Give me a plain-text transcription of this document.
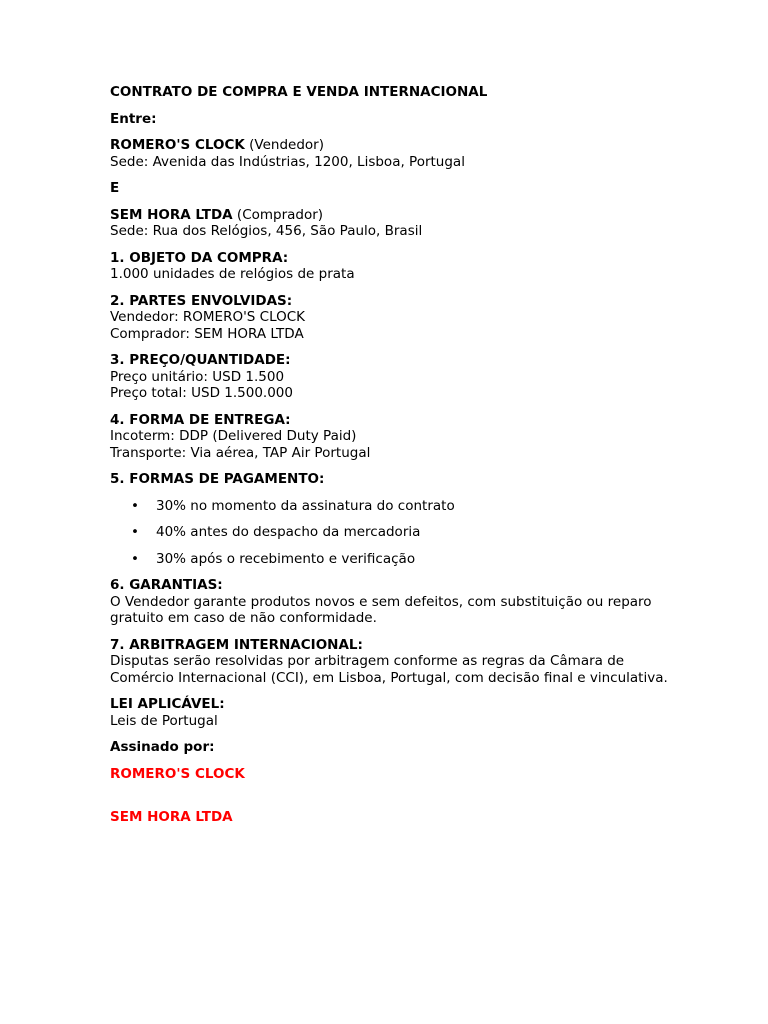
CONTRATO DE COMPRA E VENDA INTERNACIONAL
Entre:
ROMERO'S CLOCK (Vendedor)
Sede: Avenida das Indústrias, 1200, Lisboa, Portugal
E
SEM HORA LTDA (Comprador)
Sede: Rua dos Relógios, 456, São Paulo, Brasil
1. OBJETO DA COMPRA:
1.000 unidades de relógios de prata
2. PARTES ENVOLVIDAS:
Vendedor: ROMERO'S CLOCK
Comprador: SEM HORA LTDA
3. PREÇO/QUANTIDADE:
Preço unitário: USD 1.500
Preço total: USD 1.500.000
4. FORMA DE ENTREGA:
Incoterm: DDP (Delivered Duty Paid)
Transporte: Via aérea, TAP Air Portugal
5. FORMAS DE PAGAMENTO:
• 30% no momento da assinatura do contrato
• 40% antes do despacho da mercadoria
• 30% após o recebimento e verificação
6. GARANTIAS:
O Vendedor garante produtos novos e sem defeitos, com substituição ou reparo gratuito em caso de não conformidade.
7. ARBITRAGEM INTERNACIONAL:
Disputas serão resolvidas por arbitragem conforme as regras da Câmara de Comércio Internacional (CCI), em Lisboa, Portugal, com decisão final e vinculativa.
LEI APLICÁVEL:
Leis de Portugal
Assinado por:
ROMERO'S CLOCK
SEM HORA LTDA
